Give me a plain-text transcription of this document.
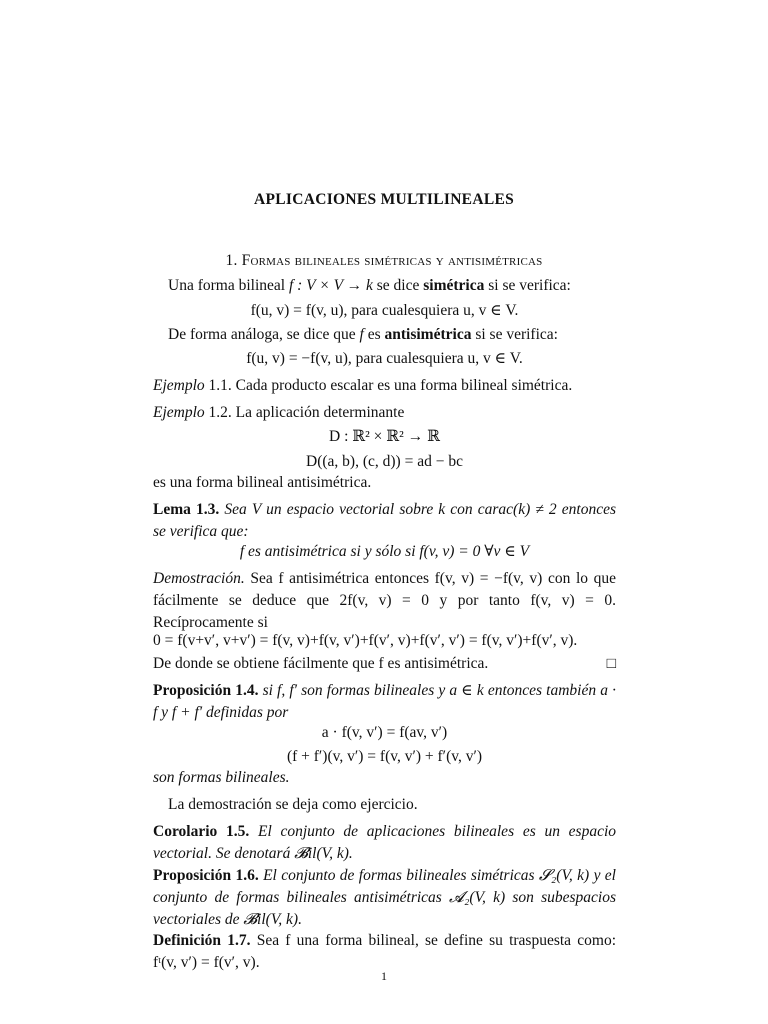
APLICACIONES MULTILINEALES
1. Formas bilineales simétricas y antisimétricas

Una forma bilineal f : V × V → k se dice simétrica si se verifica:

f(u, v) = f(v, u), para cualesquiera u, v ∈ V.

De forma análoga, se dice que f es antisimétrica si se verifica:

f(u, v) = −f(v, u), para cualesquiera u, v ∈ V.

Ejemplo 1.1. Cada producto escalar es una forma bilineal simétrica.

Ejemplo 1.2. La aplicación determinante

D : ℝ² × ℝ² → ℝ
D((a, b), (c, d)) = ad − bc
es una forma bilineal antisimétrica.

Lema 1.3. Sea V un espacio vectorial sobre k con carac(k) ≠ 2 entonces se verifica que:

f es antisimétrica si y sólo si f(v, v) = 0 ∀v ∈ V

Demostración. Sea f antisimétrica entonces f(v, v) = −f(v, v) con lo que fácilmente se deduce que 2f(v, v) = 0 y por tanto f(v, v) = 0. Recíprocamente si

0 = f(v+v′, v+v′) = f(v, v)+f(v, v′)+f(v′, v)+f(v′, v′) = f(v, v′)+f(v′, v).

De donde se obtiene fácilmente que f es antisimétrica.	□

Proposición 1.4. si f, f′ son formas bilineales y a ∈ k entonces también a · f y f + f′ definidas por

a · f(v, v′) = f(av, v′)
(f + f′)(v, v′) = f(v, v′) + f′(v, v′)
son formas bilineales.

La demostración se deja como ejercicio.

Corolario 1.5. El conjunto de aplicaciones bilineales es un espacio vectorial. Se denotará 𝓑il(V, k).

Proposición 1.6. El conjunto de formas bilineales simétricas 𝓢₂(V, k) y el conjunto de formas bilineales antisimétricas 𝓐₂(V, k) son subespacios vectoriales de 𝓑il(V, k).

Definición 1.7. Sea f una forma bilineal, se define su traspuesta como: fᵗ(v, v′) = f(v′, v).

1
